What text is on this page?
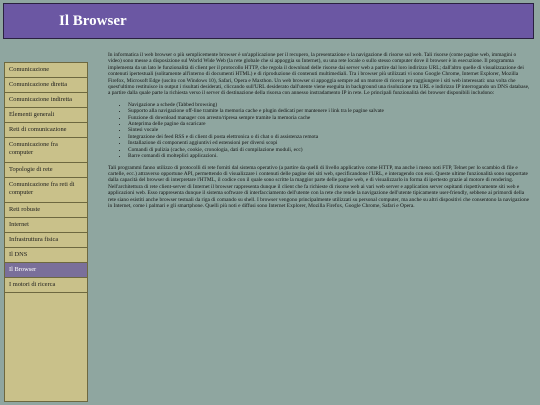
Il Browser
Comunicazione
Comunicazione diretta
Comunicazione indiretta
Elementi generali
Reti di comunicazione
Comunicazione fra computer
Topologie di rete
Comunicazione fra reti di computer
Reti robuste
Internet
Infrastruttura fisica
Il DNS
Il Browser
I motori di ricerca

In informatica il web browser o più semplicemente browser è un'applicazione per il recupero, la presentazione e la navigazione di risorse sul web. Tali risorse (come pagine web, immagini o video) sono messe a disposizione sul World Wide Web (la rete globale che si appoggia su Internet), su una rete locale o sullo stesso computer dove il browser è in esecuzione. Il programma implementa da un lato le funzionalità di client per il protocollo HTTP, che regola il download delle risorse dai server web a partire dal loro indirizzo URL; dall'altro quelle di visualizzazione dei contenuti ipertestuali (solitamente all'interno di documenti HTML) e di riproduzione di contenuti multimediali. Tra i browser più utilizzati vi sono Google Chrome, Internet Explorer, Mozilla Firefox, Microsoft Edge (uscito con Windows 10), Safari, Opera e Maxthon. Un web browser si appoggia sempre ad un motore di ricerca per raggiungere i siti web interessati: una volta che quest'ultimo restituisce in output i risultati desiderati, cliccando sull'URL desiderato dall'utente viene eseguita in background una risoluzione tra URL e indirizzo IP interrogando un DNS database, a partire dalla quale parte la richiesta verso il server di destinazione della risorsa con annesso instradamento IP in rete. Le principali funzionalità dei browser disponibili includono:

• Navigazione a schede (Tabbed browsing)
• Supporto alla navigazione off-line tramite la memoria cache e plugin dedicati per mantenere i link tra le pagine salvate
• Funzione di download manager con arresto/ripresa sempre tramite la memoria cache
• Anteprima delle pagine da scaricare
• Sintesi vocale
• Integrazione dei feed RSS e di client di posta elettronica o di chat o di assistenza remota
• Installazione di componenti aggiuntivi ed estensioni per diversi scopi
• Comandi di pulizia (cache, cookie, cronologia, dati di compilazione moduli, ecc)
• Barre comandi di molteplici applicazioni.

Tali programmi fanno utilizzo di protocolli di rete forniti dal sistema operativo (a partire da quelli di livello applicativo come HTTP, ma anche i meno noti FTP, Telnet per lo scambio di file e cartelle, ecc.) attraverso opportune API, permettendo di visualizzare i contenuti delle pagine dei siti web, specificandone l'URL, e interagendo con essi. Queste ultime funzionalità sono supportate dalla capacità del browser di interpretare l'HTML, il codice con il quale sono scritte la maggior parte delle pagine web, e di visualizzarlo in forma di ipertesto grazie al motore di rendering. Nell'architettura di rete client-server di Internet il browser rappresenta dunque il client che fa richieste di risorse web ai vari web server e application server ospitanti rispettivamente siti web e applicazioni web. Esso rappresenta dunque il sistema software di interfacciamento dell'utente con la rete che rende la navigazione dell'utente tipicamente user-friendly, sebbene ai primordi della rete siano esistiti anche browser testuali da riga di comando su shell. I browser vengono principalmente utilizzati su personal computer, ma anche su altri dispositivi che consentono la navigazione in Internet, come i palmari e gli smartphone. Quelli più noti e diffusi sono Internet Explorer, Mozilla Firefox, Google Chrome, Safari e Opera.
